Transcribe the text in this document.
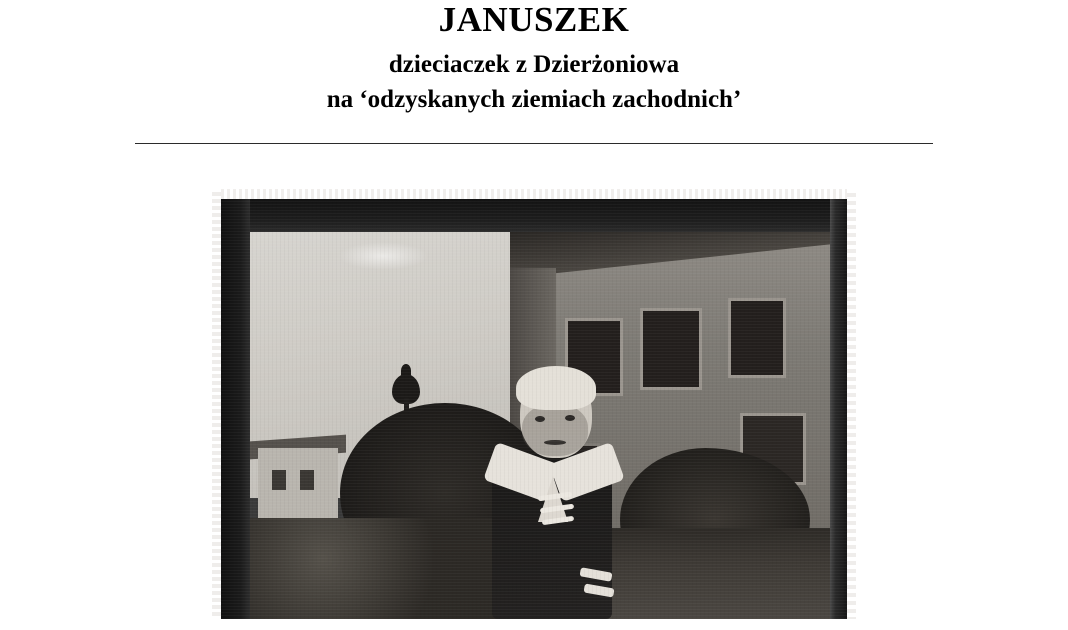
JANUSZEK
dzieciaczek z Dzierżoniowa
na ‘odzyskanych ziemiach zachodnich’
